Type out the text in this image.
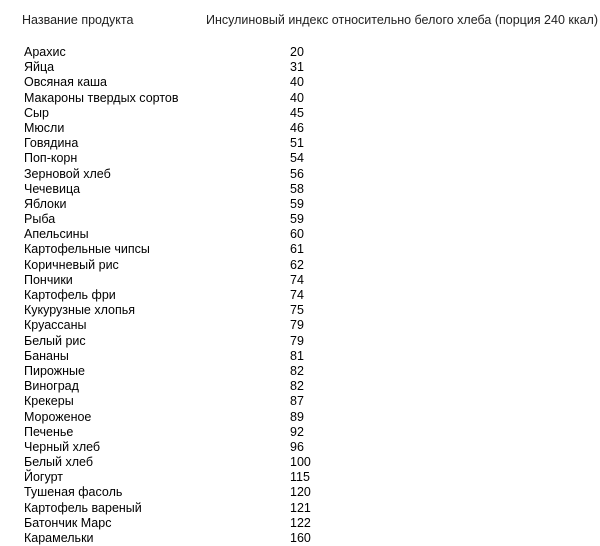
Название продукта	Инсулиновый индекс относительно белого хлеба (порция 240 ккал)
Арахис	20
Яйца	31
Овсяная каша	40
Макароны твердых сортов	40
Сыр	45
Мюсли	46
Говядина	51
Поп-корн	54
Зерновой хлеб	56
Чечевица	58
Яблоки	59
Рыба	59
Апельсины	60
Картофельные чипсы	61
Коричневый рис	62
Пончики	74
Картофель фри	74
Кукурузные хлопья	75
Круассаны	79
Белый рис	79
Бананы	81
Пирожные	82
Виноград	82
Крекеры	87
Мороженое	89
Печенье	92
Черный хлеб	96
Белый хлеб	100
Йогурт	115
Тушеная фасоль	120
Картофель вареный	121
Батончик Марс	122
Карамельки	160
